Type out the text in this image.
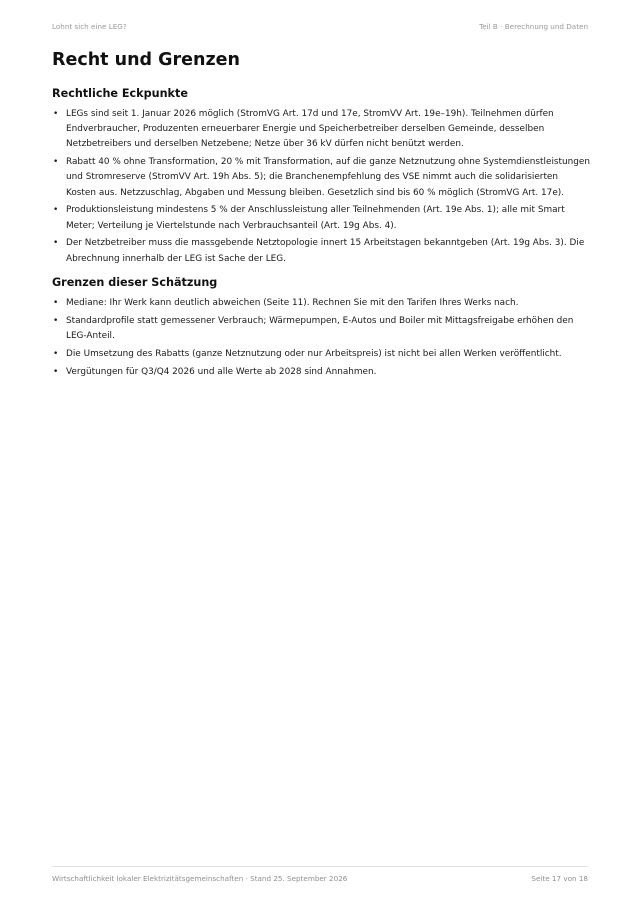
Lohnt sich eine LEG?	Teil B · Berechnung und Daten
Recht und Grenzen
Rechtliche Eckpunkte
• LEGs sind seit 1. Januar 2026 möglich (StromVG Art. 17d und 17e, StromVV Art. 19e–19h). Teilnehmen dürfen Endverbraucher, Produzenten erneuerbarer Energie und Speicherbetreiber derselben Gemeinde, desselben Netzbetreibers und derselben Netzebene; Netze über 36 kV dürfen nicht benützt werden.
• Rabatt 40 % ohne Transformation, 20 % mit Transformation, auf die ganze Netznutzung ohne Systemdienstleistungen und Stromreserve (StromVV Art. 19h Abs. 5); die Branchenempfehlung des VSE nimmt auch die solidarisierten Kosten aus. Netzzuschlag, Abgaben und Messung bleiben. Gesetzlich sind bis 60 % möglich (StromVG Art. 17e).
• Produktionsleistung mindestens 5 % der Anschlussleistung aller Teilnehmenden (Art. 19e Abs. 1); alle mit Smart Meter; Verteilung je Viertelstunde nach Verbrauchsanteil (Art. 19g Abs. 4).
• Der Netzbetreiber muss die massgebende Netztopologie innert 15 Arbeitstagen bekanntgeben (Art. 19g Abs. 3). Die Abrechnung innerhalb der LEG ist Sache der LEG.
Grenzen dieser Schätzung
• Mediane: Ihr Werk kann deutlich abweichen (Seite 11). Rechnen Sie mit den Tarifen Ihres Werks nach.
• Standardprofile statt gemessener Verbrauch; Wärmepumpen, E-Autos und Boiler mit Mittagsfreigabe erhöhen den LEG-Anteil.
• Die Umsetzung des Rabatts (ganze Netznutzung oder nur Arbeitspreis) ist nicht bei allen Werken veröffentlicht.
• Vergütungen für Q3/Q4 2026 und alle Werte ab 2028 sind Annahmen.
Wirtschaftlichkeit lokaler Elektrizitätsgemeinschaften · Stand 25. September 2026	Seite 17 von 18
